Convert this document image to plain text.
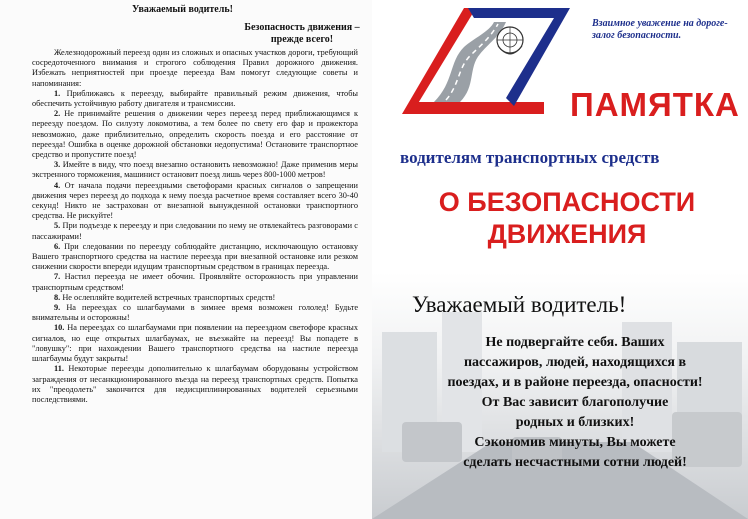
Уважаемый водитель!
Безопасность движения – прежде всего!

Железнодорожный переезд один из сложных и опасных участков дороги, требующий сосредоточенного внимания и строгого соблюдения Правил дорожного движения. Избежать неприятностей при проезде переезда Вам помогут следующие советы и напоминания:

1. Приближаясь к переезду, выбирайте правильный режим движения, чтобы обеспечить устойчивую работу двигателя и трансмиссии.

2. Не принимайте решения о движении через переезд перед приближающимся к переезду поездом. По силуэту локомотива, а тем более по свету его фар и прожектора невозможно, даже приблизительно, определить скорость поезда и его расстояние от переезда! Ошибка в оценке дорожной обстановки недопустима! Остановите транспортное средство и пропустите поезд!

3. Имейте в виду, что поезд внезапно остановить невозможно! Даже применив меры экстренного торможения, машинист остановит поезд лишь через 800-1000 метров!

4. От начала подачи переездными светофорами красных сигналов о запрещении движения через переезд до подхода к нему поезда расчетное время составляет всего 30-40 секунд! Никто не застрахован от внезапной вынужденной остановки транспортного средства. Не рискуйте!

5. При подъезде к переезду и при следовании по нему не отвлекайтесь разговорами с пассажирами!

6. При следовании по переезду соблюдайте дистанцию, исключающую остановку Вашего транспортного средства на настиле переезда при внезапной остановке или резком снижении скорости впереди идущим транспортным средством в границах переезда.

7. Настил переезда не имеет обочин. Проявляйте осторожность при управлении транспортным средством!

8. Не ослепляйте водителей встречных транспортных средств!

9. На переездах со шлагбаумами в зимнее время возможен гололед! Будьте внимательны и осторожны!

10. На переездах со шлагбаумами при появлении на переездном светофоре красных сигналов, но еще открытых шлагбаумах, не въезжайте на переезд! Вы попадете в "ловушку": при нахождении Вашего транспортного средства на настиле переезда шлагбаумы будут закрыты!

11. Некоторые переезды дополнительно к шлагбаумам оборудованы устройством заграждения от несанкционированного въезда на переезд транспортных средств. Попытка их "преодолеть" закончится для недисциплинированных водителей серьезными последствиями.

Взаимное уважение на дороге- залог безопасности.
ПАМЯТКА
водителям транспортных средств
О БЕЗОПАСНОСТИ
ДВИЖЕНИЯ
Уважаемый водитель!
Не подвергайте себя. Ваших
пассажиров, людей, находящихся в
поездах, и в районе переезда, опасности!
От Вас зависит благополучие
родных и близких!
Сэкономив минуты, Вы можете
сделать несчастными сотни людей!
